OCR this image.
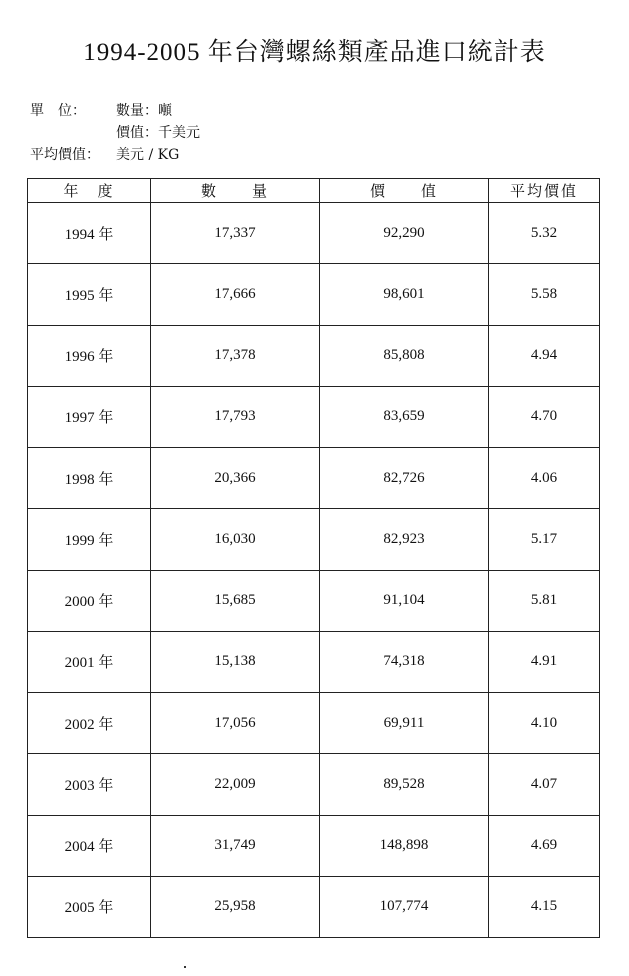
1994-2005 年台灣螺絲類產品進口統計表
單　位： 數量：噸
價值：千美元
平均價值： 美元 / KG
年　度	數　　量	價　　值	平均價值
1994 年	17,337	92,290	5.32
1995 年	17,666	98,601	5.58
1996 年	17,378	85,808	4.94
1997 年	17,793	83,659	4.70
1998 年	20,366	82,726	4.06
1999 年	16,030	82,923	5.17
2000 年	15,685	91,104	5.81
2001 年	15,138	74,318	4.91
2002 年	17,056	69,911	4.10
2003 年	22,009	89,528	4.07
2004 年	31,749	148,898	4.69
2005 年	25,958	107,774	4.15
